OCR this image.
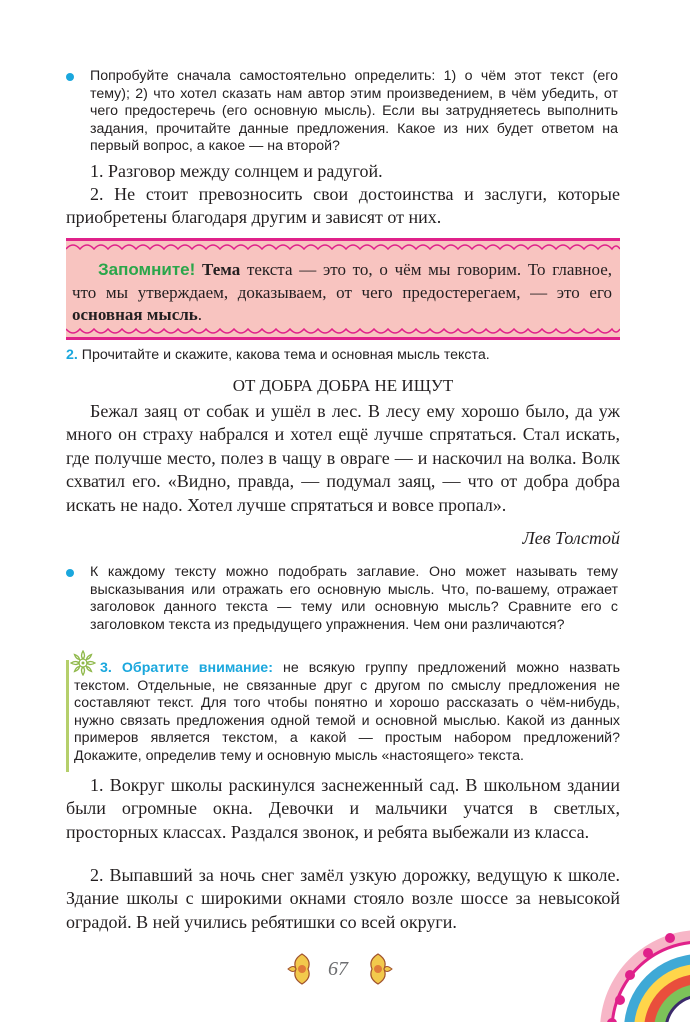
Попробуйте сначала самостоятельно определить: 1) о чём этот текст (его тему); 2) что хотел сказать нам автор этим произведением, в чём убедить, от чего предостеречь (его основную мысль). Если вы затрудняетесь выполнить задания, прочитайте данные предложения. Какое из них будет ответом на первый вопрос, а какое — на второй?

1. Разговор между солнцем и радугой.

2. Не стоит превозносить свои достоинства и заслуги, которые приобретены благодаря другим и зависят от них.

Запомните! Тема текста — это то, о чём мы говорим. То главное, что мы утверждаем, доказываем, от чего предостерегаем, — это его основная мысль.

2. Прочитайте и скажите, какова тема и основная мысль текста.

ОТ ДОБРА ДОБРА НЕ ИЩУТ

Бежал заяц от собак и ушёл в лес. В лесу ему хорошо было, да уж много он страху набрался и хотел ещё лучше спрятаться. Стал искать, где получше место, полез в чащу в овраге — и наскочил на волка. Волк схватил его. «Видно, правда, — подумал заяц, — что от добра добра искать не надо. Хотел лучше спрятаться и вовсе пропал».

Лев Толстой

К каждому тексту можно подобрать заглавие. Оно может называть тему высказывания или отражать его основную мысль. Что, по-вашему, отражает заголовок данного текста — тему или основную мысль? Сравните его с заголовком текста из предыдущего упражнения. Чем они различаются?

3. Обратите внимание: не всякую группу предложений можно назвать текстом. Отдельные, не связанные друг с другом по смыслу предложения не составляют текст. Для того чтобы понятно и хорошо рассказать о чём-нибудь, нужно связать предложения одной темой и основной мыслью. Какой из данных примеров является текстом, а какой — простым набором предложений? Докажите, определив тему и основную мысль «настоящего» текста.

1. Вокруг школы раскинулся заснеженный сад. В школьном здании были огромные окна. Девочки и мальчики учатся в светлых, просторных классах. Раздался звонок, и ребята выбежали из класса.

2. Выпавший за ночь снег замёл узкую дорожку, ведущую к школе. Здание школы с широкими окнами стояло возле шоссе за невысокой оградой. В ней учились ребятишки со всей округи.

67
